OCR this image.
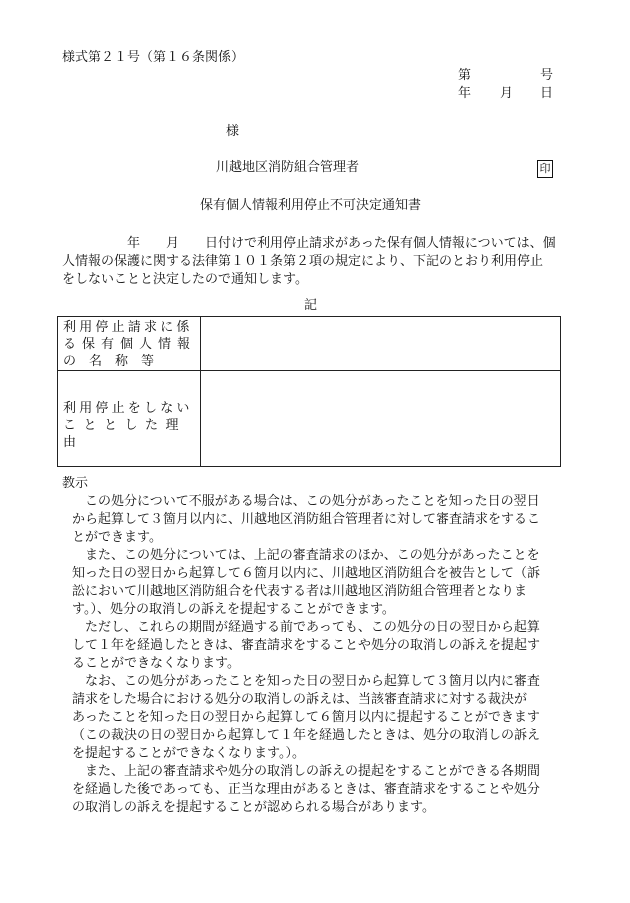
様式第２１号（第１６条関係）
第	号
年 月 日
様
川越地区消防組合管理者	印
保有個人情報利用停止不可決定通知書
　　　　　年　　月　　日付けで利用停止請求があった保有個人情報については、個
人情報の保護に関する法律第１０１条第２項の規定により、下記のとおり利用停止
をしないことと決定したので通知します。
記
利用停止請求に係
る保有個人情報
の　名　称　等	

利用停止をしない
こととした理由	

教示
　この処分について不服がある場合は、この処分があったことを知った日の翌日
から起算して３箇月以内に、川越地区消防組合管理者に対して審査請求をするこ
とができます。
　また、この処分については、上記の審査請求のほか、この処分があったことを
知った日の翌日から起算して６箇月以内に、川越地区消防組合を被告として（訴
訟において川越地区消防組合を代表する者は川越地区消防組合管理者となりま
す。）、処分の取消しの訴えを提起することができます。
　ただし、これらの期間が経過する前であっても、この処分の日の翌日から起算
して１年を経過したときは、審査請求をすることや処分の取消しの訴えを提起す
ることができなくなります。
　なお、この処分があったことを知った日の翌日から起算して３箇月以内に審査
請求をした場合における処分の取消しの訴えは、当該審査請求に対する裁決が
あったことを知った日の翌日から起算して６箇月以内に提起することができます
（この裁決の日の翌日から起算して１年を経過したときは、処分の取消しの訴え
を提起することができなくなります。）。
　また、上記の審査請求や処分の取消しの訴えの提起をすることができる各期間
を経過した後であっても、正当な理由があるときは、審査請求をすることや処分
の取消しの訴えを提起することが認められる場合があります。
